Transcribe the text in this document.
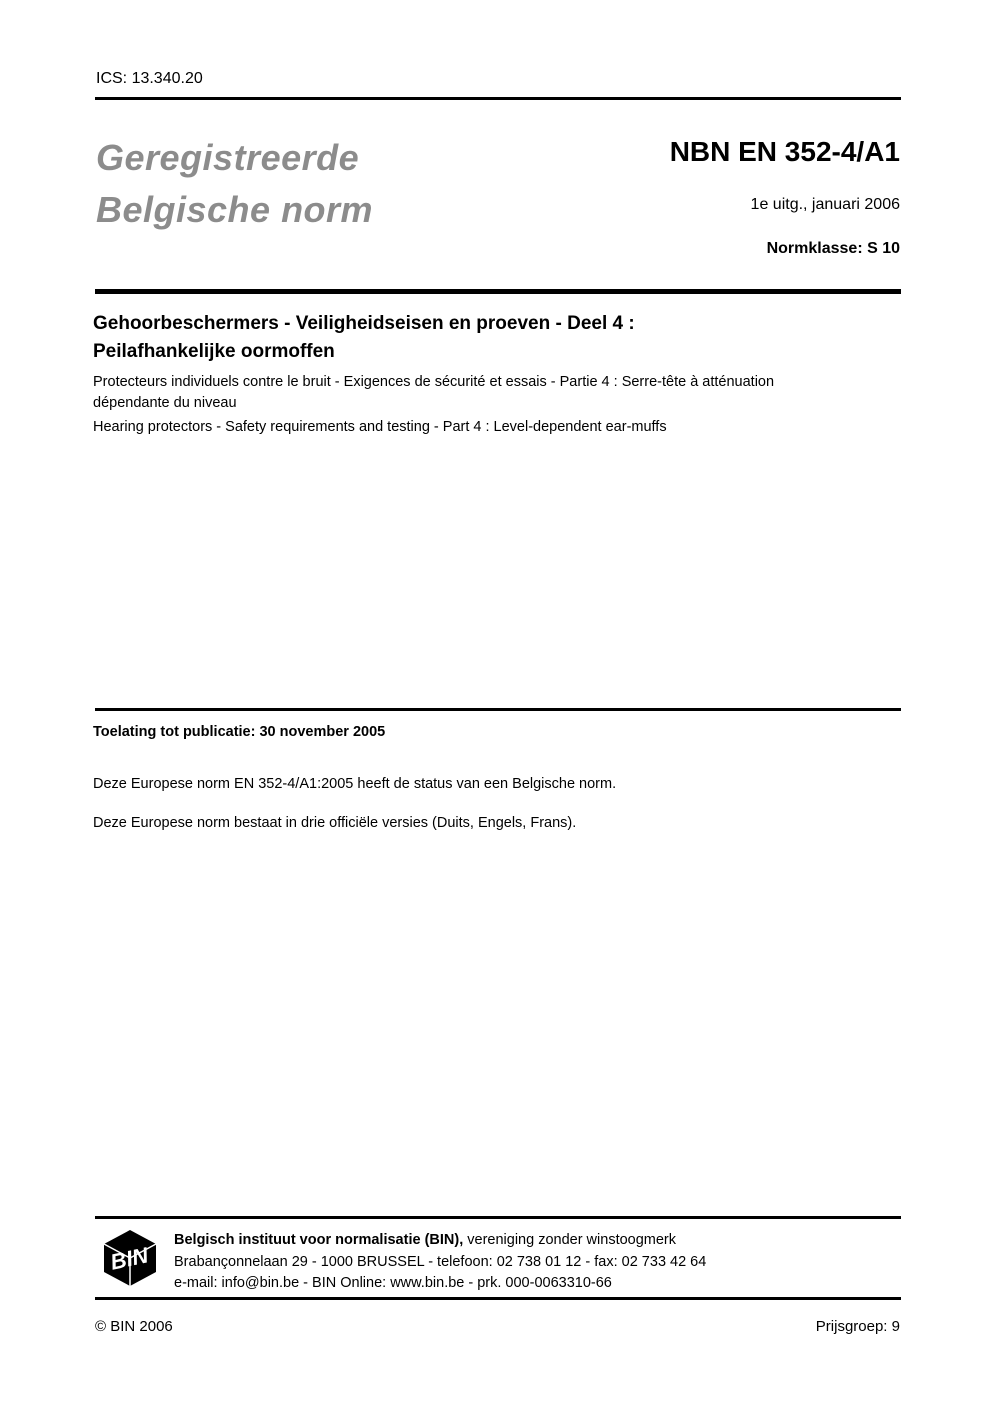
ICS: 13.340.20
Geregistreerde
Belgische norm
NBN EN 352-4/A1
1e uitg., januari 2006
Normklasse: S 10
Gehoorbeschermers - Veiligheidseisen en proeven - Deel 4 :
Peilafhankelijke oormoffen
Protecteurs individuels contre le bruit - Exigences de sécurité et essais - Partie 4 : Serre-tête à atténuation
dépendante du niveau
Hearing protectors - Safety requirements and testing - Part 4 : Level-dependent ear-muffs
Toelating tot publicatie: 30 november 2005
Deze Europese norm EN 352-4/A1:2005 heeft de status van een Belgische norm.
Deze Europese norm bestaat in drie officiële versies (Duits, Engels, Frans).
BIN
Belgisch instituut voor normalisatie (BIN), vereniging zonder winstoogmerk
Brabançonnelaan 29 - 1000 BRUSSEL - telefoon: 02 738 01 12 - fax: 02 733 42 64
e-mail: info@bin.be - BIN Online: www.bin.be - prk. 000-0063310-66
© BIN 2006	Prijsgroep: 9
